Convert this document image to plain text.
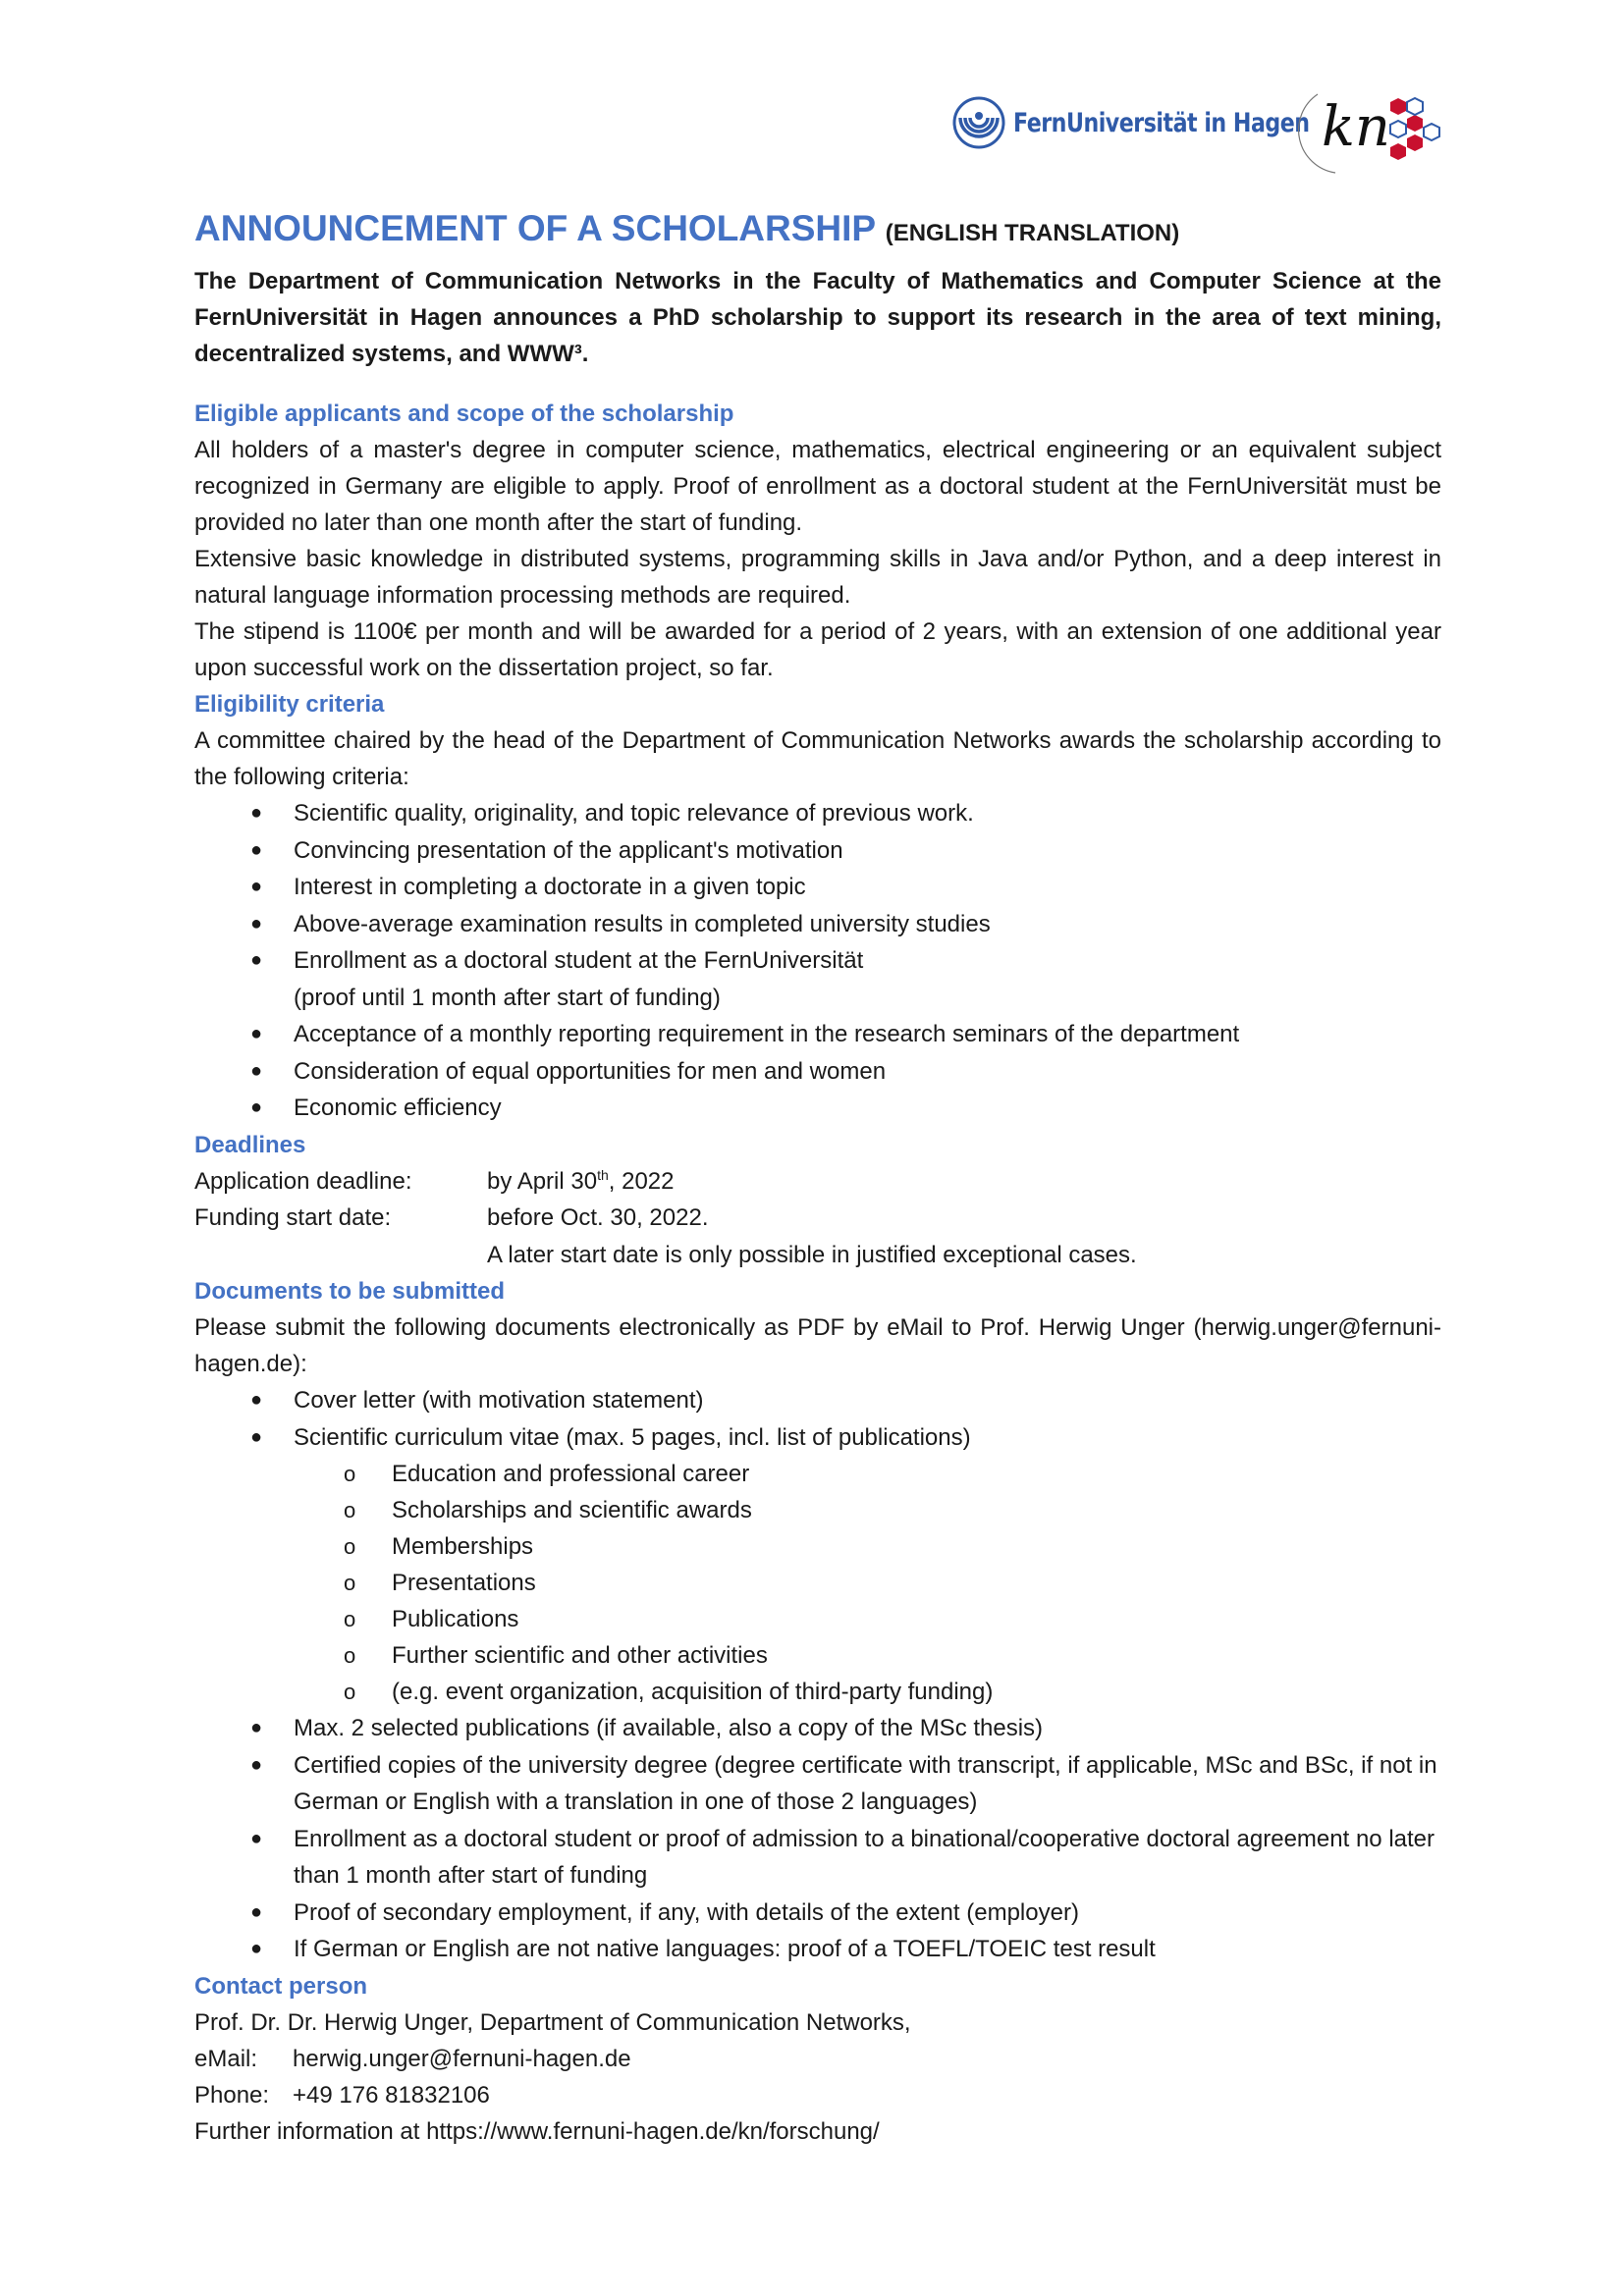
FernUniversität in Hagen kn
ANNOUNCEMENT OF A SCHOLARSHIP (ENGLISH TRANSLATION)

The Department of Communication Networks in the Faculty of Mathematics and Computer Science at the FernUniversität in Hagen announces a PhD scholarship to support its research in the area of text mining, decentralized systems, and WWW³.

Eligible applicants and scope of the scholarship

All holders of a master's degree in computer science, mathematics, electrical engineering or an equivalent subject recognized in Germany are eligible to apply. Proof of enrollment as a doctoral student at the FernUniversität must be provided no later than one month after the start of funding.

Extensive basic knowledge in distributed systems, programming skills in Java and/or Python, and a deep interest in natural language information processing methods are required.

The stipend is 1100€ per month and will be awarded for a period of 2 years, with an extension of one additional year upon successful work on the dissertation project, so far.

Eligibility criteria

A committee chaired by the head of the Department of Communication Networks awards the scholarship according to the following criteria:

● Scientific quality, originality, and topic relevance of previous work.
● Convincing presentation of the applicant's motivation
● Interest in completing a doctorate in a given topic
● Above-average examination results in completed university studies
● Enrollment as a doctoral student at the FernUniversität
(proof until 1 month after start of funding)
● Acceptance of a monthly reporting requirement in the research seminars of the department
● Consideration of equal opportunities for men and women
● Economic efficiency
Deadlines
Application deadline:	by April 30th, 2022
Funding start date:	before Oct. 30, 2022.
A later start date is only possible in justified exceptional cases.
Documents to be submitted

Please submit the following documents electronically as PDF by eMail to Prof. Herwig Unger (herwig.unger@fernuni-hagen.de):

● Cover letter (with motivation statement)
● Scientific curriculum vitae (max. 5 pages, incl. list of publications)
o Education and professional career
o Scholarships and scientific awards
o Memberships
o Presentations
o Publications
o Further scientific and other activities
o (e.g. event organization, acquisition of third-party funding)
● Max. 2 selected publications (if available, also a copy of the MSc thesis)
● Certified copies of the university degree (degree certificate with transcript, if applicable, MSc and BSc, if not in German or English with a translation in one of those 2 languages)
● Enrollment as a doctoral student or proof of admission to a binational/cooperative doctoral agreement no later than 1 month after start of funding
● Proof of secondary employment, if any, with details of the extent (employer)
● If German or English are not native languages: proof of a TOEFL/TOEIC test result
Contact person

Prof. Dr. Dr. Herwig Unger, Department of Communication Networks,

eMail: herwig.unger@fernuni-hagen.de

Phone: +49 176 81832106

Further information at https://www.fernuni-hagen.de/kn/forschung/
